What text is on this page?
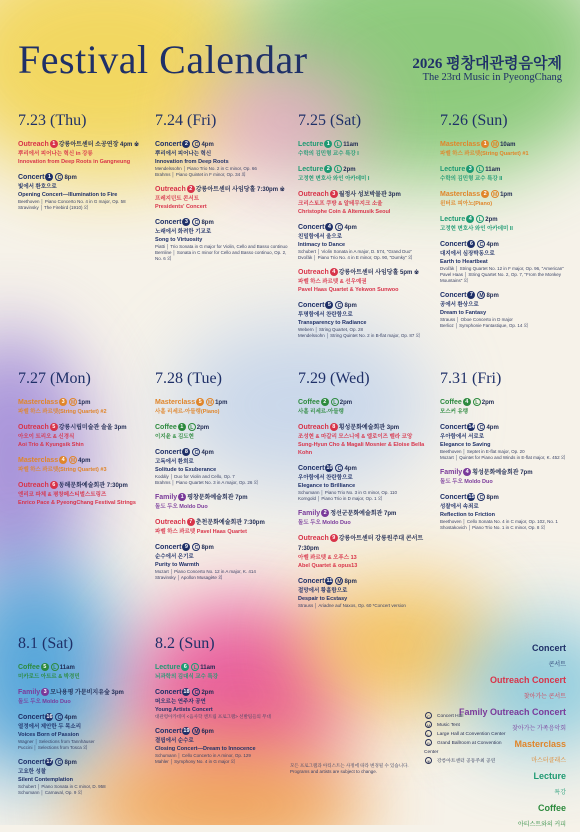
Festival Calendar	2026 평창대관령음악제
The 23rd Music in PyeongChang
7.23 (Thu)
Outreach 1 강릉아트센터 소공연장 4pm ※
뿌리에서 피어나는 혁신 in 강릉
Innovation from Deep Roots in Gangneung
Concert 1 C 8pm
빛에서 환호으로
Opening Concert—Illumination to Fire
Beethoven │ Piano Concerto No. 4 in G major, Op. 58
Stravinsky │ The Firebird (1910) 외
7.24 (Fri)
Concert 2 C 4pm
뿌리에서 피어나는 혁신
Innovation from Deep Roots
Mendelssohn │ Piano Trio No. 2 in C minor, Op. 66
Brahms │ Piano Quintet in F minor, Op. 34 외
Outreach 2 강릉아트센터 사임당홀 7:30pm ※
프레지던트 콘서트
Presidents' Concert
Concert 3 C 8pm
노래에서 화려한 기교로
Song to Virtuosity
Piatti │ Trio Sonata in G major for Violin, Cello and Basso continuo
Bernline │ Sonata in C minor for Cello and Basso continuo, Op. 2, No. 6 외
7.25 (Sat)
Lecture 1 L 11am
수학의 김민형 교수 특강 I
Lecture 2 L 2pm
고정현 변호사 와인 아카데미 I
Outreach 3 월정사 성보박물관 3pm
크리스토프 쿠방 & 알테무지크 소울
Christophe Coin & Altemusik Seoul
Concert 4 C 4pm
친밀함에서 울으로
Intimacy to Dance
Schubert │ Violin Sonata in A major, D. 574, "Grand Duo"
Dvořák │ Piano Trio No. 4 in E minor, Op. 90, "Dumky" 외
Outreach 4 강릉아트센터 사임당홀 5pm ※
파벨 하스 콰르텟 & 선우예권
Pavel Haas Quartet & Yekwon Sunwoo
Concert 5 C 8pm
투명함에서 찬란함으로
Transparency to Radiance
Webern │ String Quartet, Op. 28
Mendelssohn │ String Quintet No. 2 in B-flat major, Op. 87 외
7.26 (Sun)
Masterclass 1 M 10am
파벨 하스 콰르텟(String Quartet) #1
Lecture 3 L 11am
수학의 김민형 교수 특강 II
Masterclass 2 M 1pm
윈터르 피아노(Piano)
Lecture 4 L 2pm
고정현 변호사 와인 아카데미 II
Concert 6 C 4pm
대지에서 심장박동으로
Earth to Heartbeat
Dvořák │ String Quartet No. 12 in F major, Op. 96, "American"
Pavel Haas │ String Quartet No. 2, Op. 7, "From the Monkey Mountains" 외
Concert 7 M 8pm
공에서 환상으로
Dream to Fantasy
Strauss │ Oboe Concerto in D major
Berlioz │ Symphonie Fantastique, Op. 14 외
7.27 (Mon)
Masterclass 3 M 1pm
파벨 하스 콰르텟(String Quartet) #2
Outreach 5 강릉시립미술관 솔올 3pm
아오이 트리오 & 신경식
Aoi Trio & Kyungsik Shin
Masterclass 4 M 4pm
파벨 하스 콰르텟(String Quartet) #3
Outreach 6 동해문화예술회관 7:30pm
엔리코 파체 & 평창페스티벌스트링즈
Enrico Pace & PyeongChang Festival Strings
7.28 (Tue)
Masterclass 5 M 1pm
사흘 리세르-아들랭(Piano)
Coffee 1 L 2pm
이지윤 & 김도현
Concert 8 C 4pm
고독에서 환희로
Solitude to Exuberance
Kodály │ Duo for Violin and Cello, Op. 7
Brahms │ Piano Quartet No. 3 in A major, Op. 26 외
Family 1 평창문화예술회관 7pm
돌도 두오 Moldo Duo
Outreach 7 춘천문화예술회관 7:30pm
파벨 하스 콰르텟 Pavel Haas Quartet
Concert 9 C 8pm
순수에서 온기로
Purity to Warmth
Mozart │ Piano Concerto No. 12 in A major, K. 414
Stravinsky │ Apollon Musagète 외
7.29 (Wed)
Coffee 2 L 2pm
사흘 리세르-아들랭
Outreach 8 횡성문화예술회관 3pm
조성현 & 마갈리 모스니에 & 엘로이즈 벨라 코앙
Sung-Hyun Cho & Magali Mosnier & Eloise Bella Kohn
Concert 10 C 4pm
우아함에서 찬란함으로
Elegance to Brilliance
Schumann │ Piano Trio No. 3 in G minor, Op. 110
Korngold │ Piano Trio in D major, Op. 1 외
Family 2 정선군문화예술회관 7pm
돌도 두오 Moldo Duo
Outreach 9 강릉아트센터 강릉원주대 콘서트 7:30pm
아벨 콰르텟 & 오푸스 13
Abel Quartet & opus13
Concert 11 M 8pm
절망에서 황홀함으로
Despair to Ecstasy
Strauss │ Ariadne auf Naxos, Op. 60 *Concert version
7.31 (Fri)
Coffee 4 L 2pm
모스커 유랭
Concert 14 C 4pm
우아함에서 서로로
Elegance to Saving
Beethoven │ Septet in E-flat major, Op. 20
Mozart │ Quintet for Piano and Winds in E-flat major, K. 452 외
Family 4 횡성문화예술회관 7pm
돌도 두오 Moldo Duo
Concert 15 C 8pm
성찰에서 속죄로
Reflection to Friction
Beethoven │ Cello Sonata No. 4 in C major, Op. 102, No. 1
Shostakovich │ Piano Trio No. 1 in C minor, Op. 8 외
8.1 (Sat)
Coffee 5 L 11am
미카로드 아트르 & 박경민
Family 3 모나용평 가문비지유숲 3pm
돌도 두오 Moldo Duo
Concert 16 C 4pm
열정에서 제안한 두 목소리
Voices Born of Passion
Wagner │ Selections from Tannhäuser
Puccini │ Selections from Tosca 외
Concert 17 C 8pm
고요한 성찰
Silent Contemplation
Schubert │ Piano Sonata in C minor, D. 958
Schumann │ Carnaval, Op. 9 외
8.2 (Sun)
Lecture 6 L 11am
뇌과학의 김대식 교수 특강
Concert 18 C 2pm
떠오르는 연주자 공연
Young Artists Concert
대관령아카데미 <음사학 앤트림 프로그램> 선발팀들의 무대
Concert 19 M 6pm
결핍에서 순수로
Closing Concert—Dream to Innocence
Schumann │ Cello Concerto in A minor, Op. 129
Mahler │ Symphony No. 4 in G major 외
Concert
콘서트
Outreach Concert
찾아가는 콘서트
Family Outreach Concert
찾아가는 가족음악회
Masterclass
마스터클래스
Lecture
특강
Coffee
아티스트와의 커피
C Concert Hall
M Music Tent
L Large Hall at Convention Center
B Grand Ballroom at Convention Center
※ 강릉아트센터 공동주최 공연
모든 프로그램과 아티스트는 사정에 따라 변경될 수 있습니다. Programs and artists are subject to change.
